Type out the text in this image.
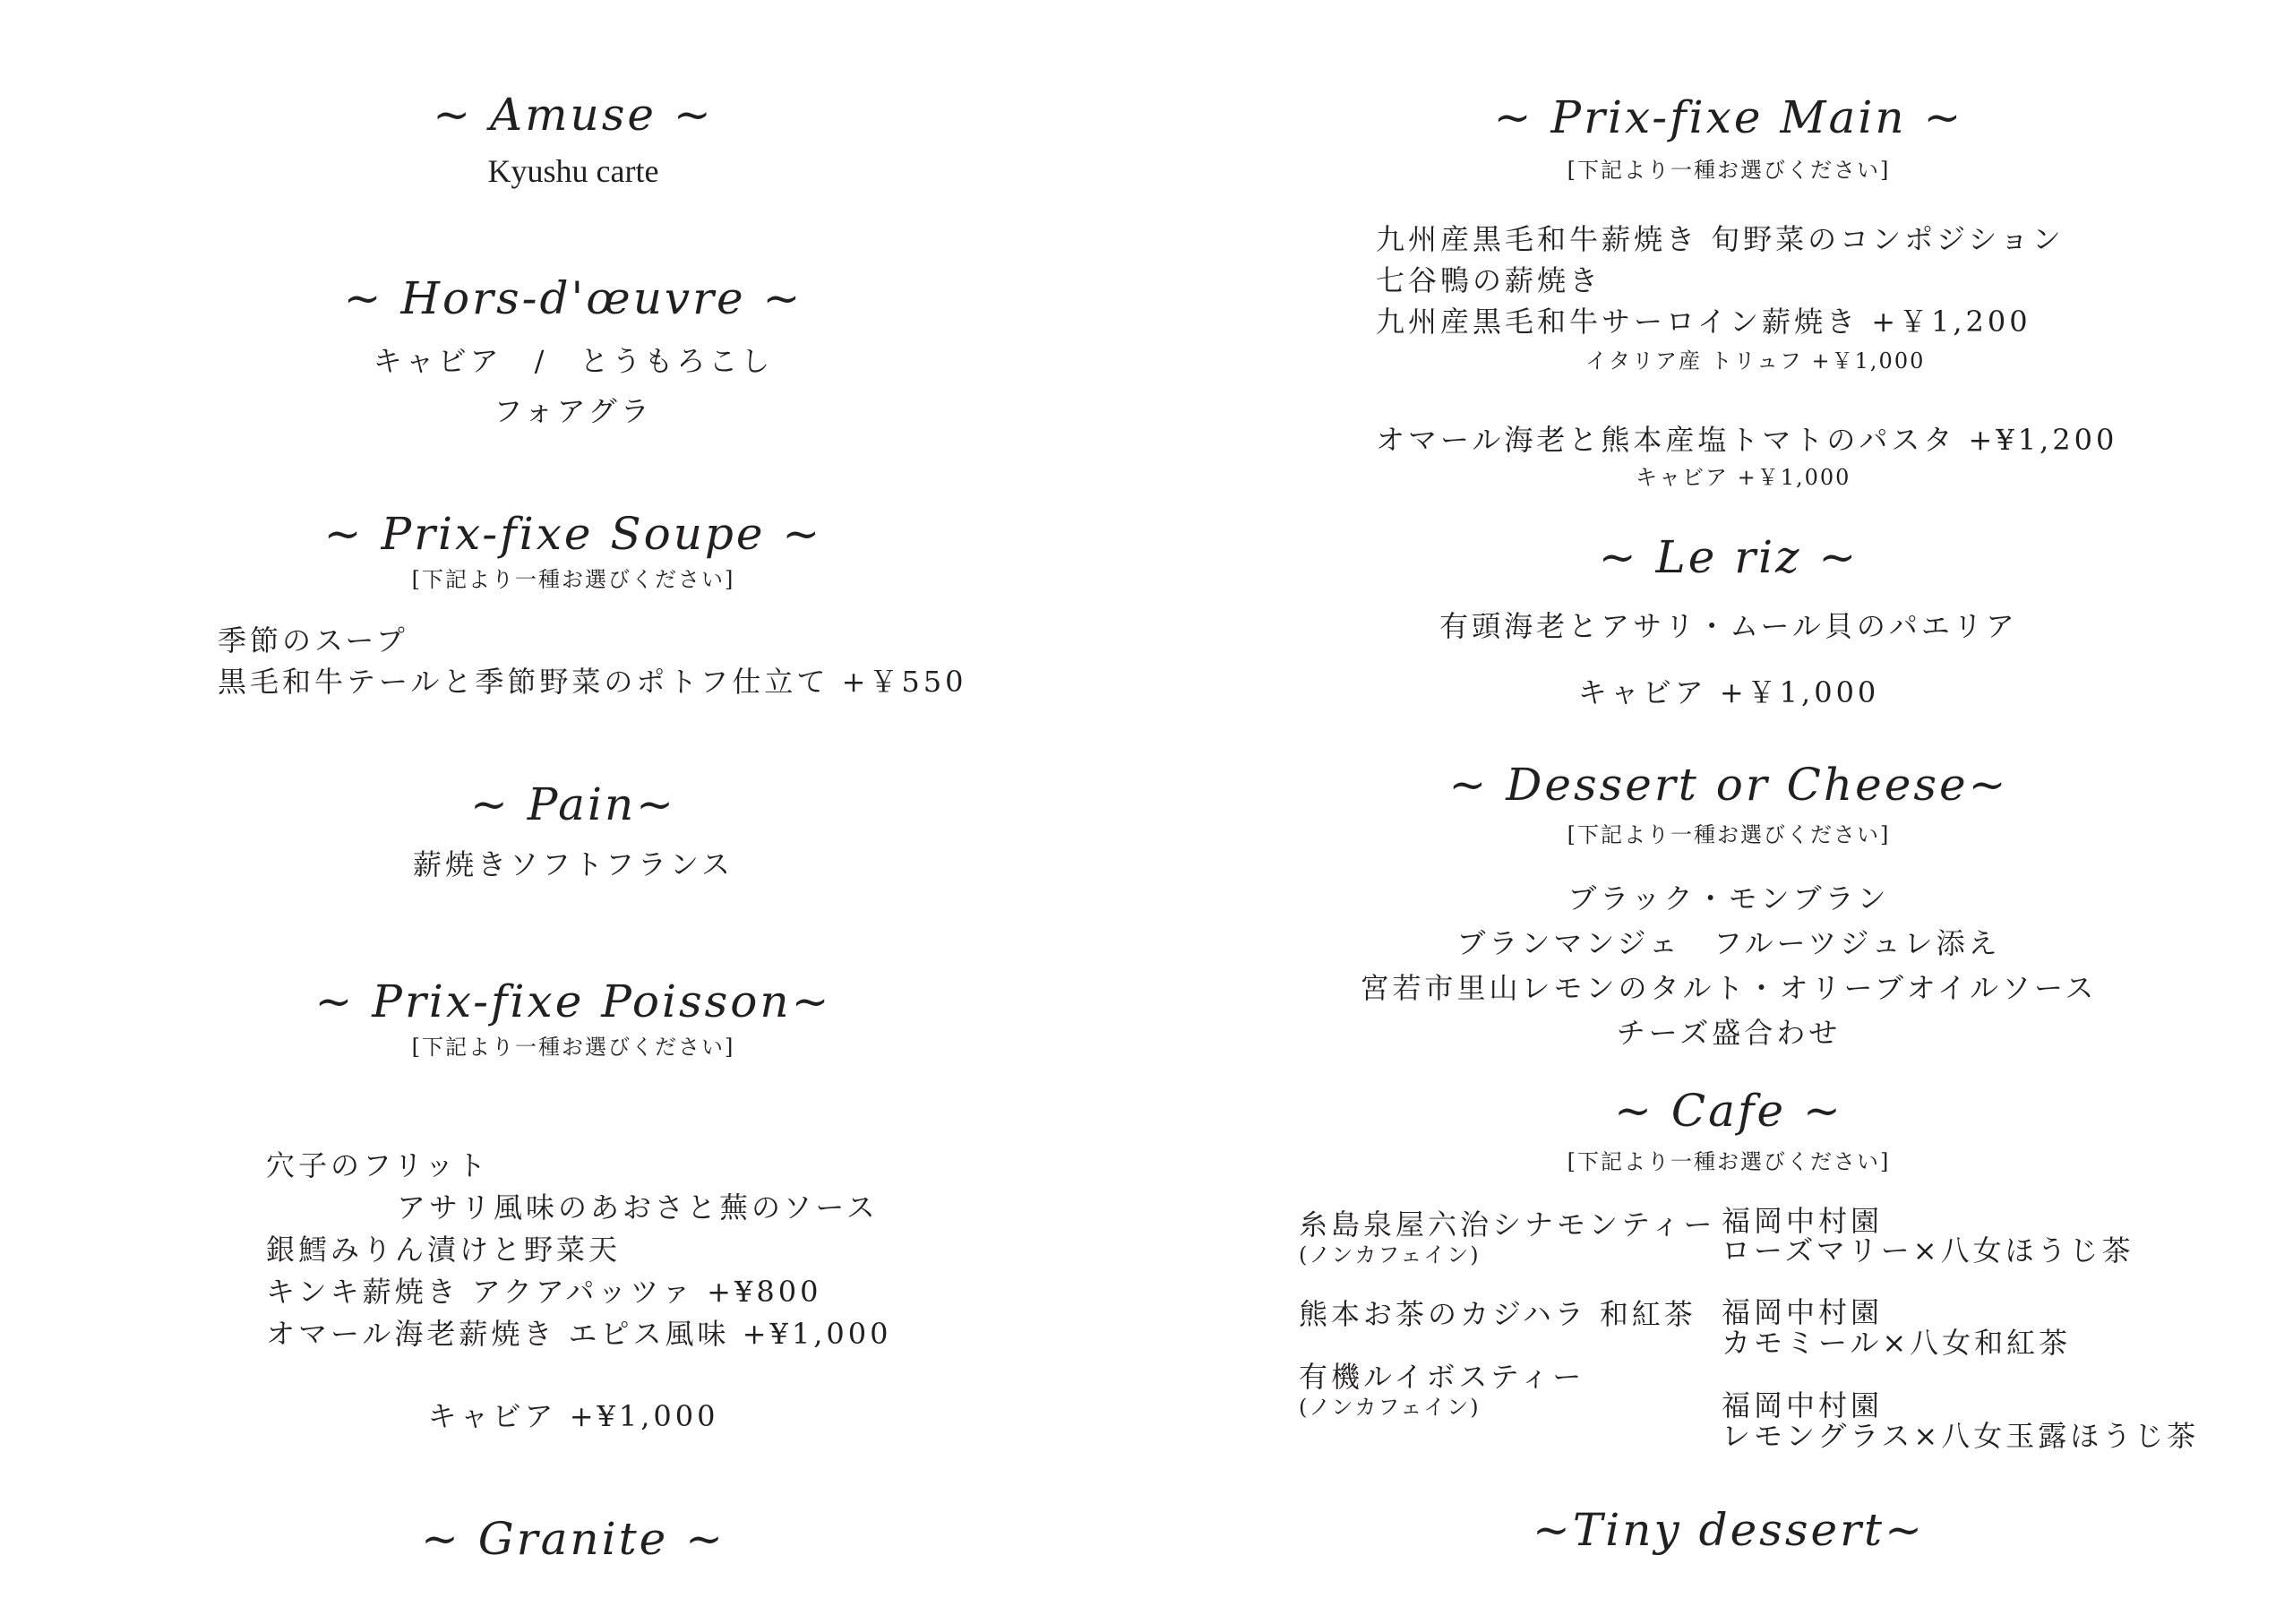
~ Amuse ~
Kyushu carte
~ Hors-d'œuvre ~
キャビア　/　とうもろこし
フォアグラ
~ Prix-fixe Soupe ~
[下記より一種お選びください]
季節のスープ
黒毛和牛テールと季節野菜のポトフ仕立て +￥550
~ Pain~
薪焼きソフトフランス
~ Prix-fixe Poisson~
[下記より一種お選びください]
穴子のフリット
アサリ風味のあおさと蕪のソース
銀鱈みりん漬けと野菜天
キンキ薪焼き アクアパッツァ +¥800
オマール海老薪焼き エピス風味 +¥1,000
キャビア +¥1,000
~ Granite ~
~ Prix-fixe Main ~
[下記より一種お選びください]
九州産黒毛和牛薪焼き 旬野菜のコンポジション
七谷鴨の薪焼き
九州産黒毛和牛サーロイン薪焼き +￥1,200
イタリア産 トリュフ +￥1,000
オマール海老と熊本産塩トマトのパスタ +¥1,200
キャビア +￥1,000
~ Le riz ~
有頭海老とアサリ・ムール貝のパエリア
キャビア +￥1,000
~ Dessert or Cheese~
[下記より一種お選びください]
ブラック・モンブラン
ブランマンジェ　フルーツジュレ添え
宮若市里山レモンのタルト・オリーブオイルソース
チーズ盛合わせ
~ Cafe ~
[下記より一種お選びください]
糸島泉屋六治シナモンティー
(ノンカフェイン)
熊本お茶のカジハラ 和紅茶
有機ルイボスティー
(ノンカフェイン)
福岡中村園
ローズマリー×八女ほうじ茶
福岡中村園
カモミール×八女和紅茶
福岡中村園
レモングラス×八女玉露ほうじ茶
~Tiny dessert~
